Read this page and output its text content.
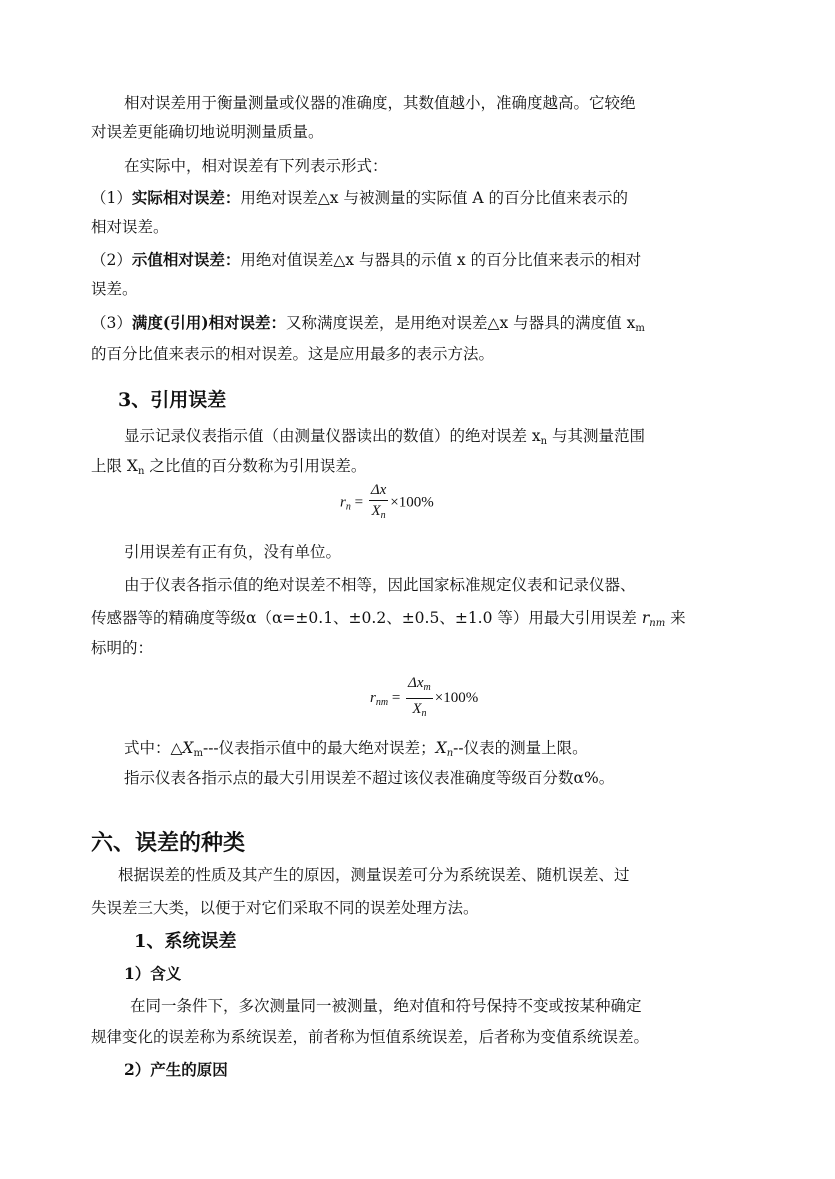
相对误差用于衡量测量或仪器的准确度，其数值越小，准确度越高。它较绝
对误差更能确切地说明测量质量。
在实际中，相对误差有下列表示形式：
（1）实际相对误差：用绝对误差△x 与被测量的实际值 A 的百分比值来表示的
相对误差。
（2）示值相对误差：用绝对值误差△x 与器具的示值 x 的百分比值来表示的相对
误差。
（3）满度(引用)相对误差：又称满度误差，是用绝对误差△x 与器具的满度值 $x_m$
的百分比值来表示的相对误差。这是应用最多的表示方法。
3、引用误差
显示记录仪表指示值（由测量仪器读出的数值）的绝对误差 $x_n$ 与其测量范围
上限 $X_n$ 之比值的百分数称为引用误差。
$r_n = \frac{\Delta x}{X_n} \times 100\%$
引用误差有正有负，没有单位。
由于仪表各指示值的绝对误差不相等，因此国家标准规定仪表和记录仪器、
传感器等的精确度等级α（α=±0.1、±0.2、±0.5、±1.0 等）用最大引用误差 $r_{nm}$ 来
标明的：
$r_{nm} = \frac{\Delta x_m}{X_n} \times 100\%$
式中：$\triangle X_m---$仪表指示值中的最大绝对误差；$X_n--$仪表的测量上限。
指示仪表各指示点的最大引用误差不超过该仪表准确度等级百分数α%。
六、误差的种类
根据误差的性质及其产生的原因，测量误差可分为系统误差、随机误差、过
失误差三大类，以便于对它们采取不同的误差处理方法。
1、系统误差
1）含义
在同一条件下，多次测量同一被测量，绝对值和符号保持不变或按某种确定
规律变化的误差称为系统误差，前者称为恒值系统误差，后者称为变值系统误差。
2）产生的原因
